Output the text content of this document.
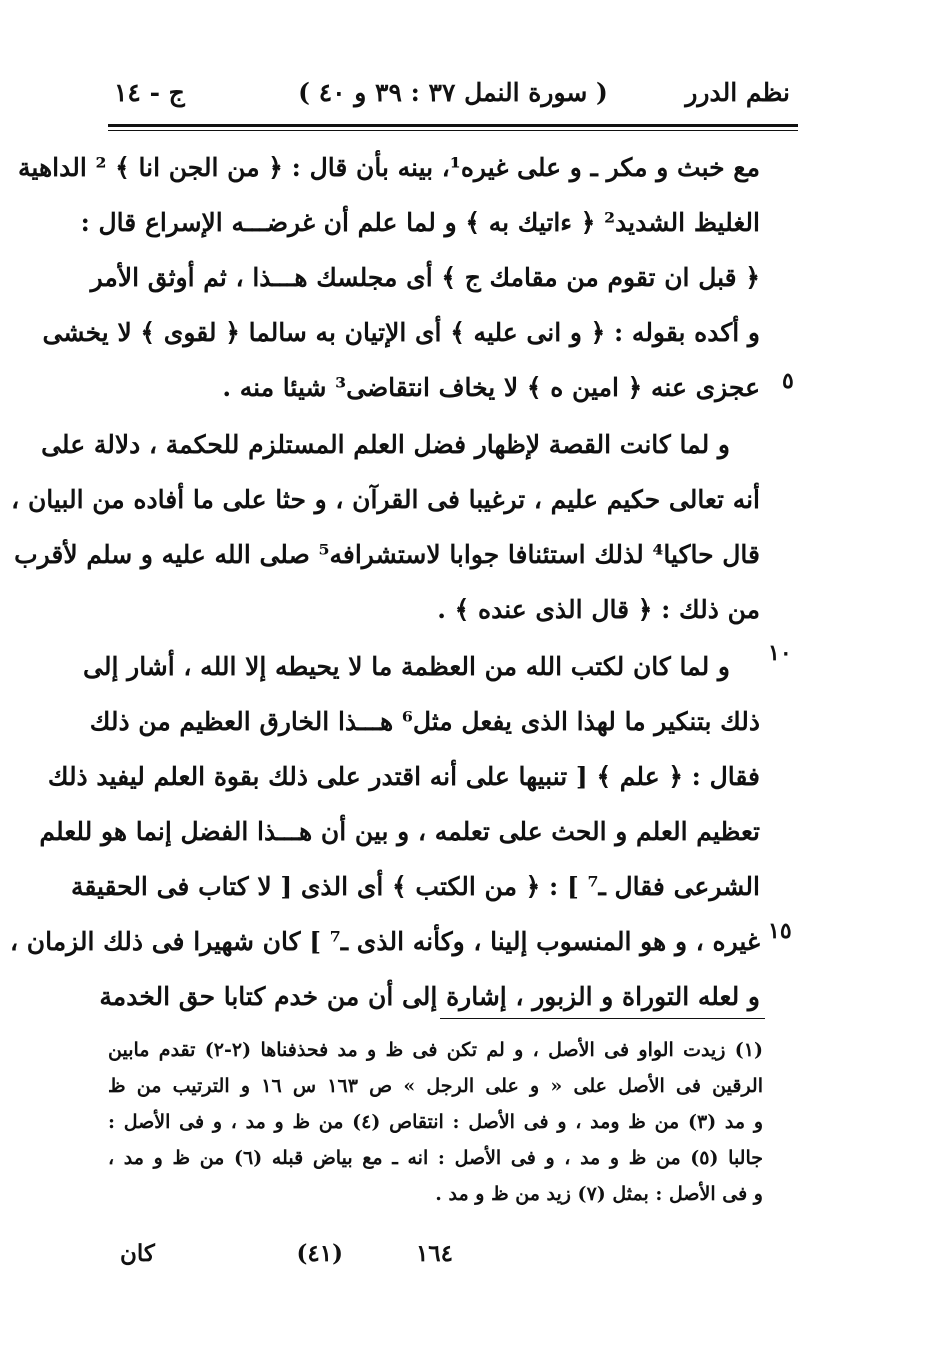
نظم الدرر
( سورة النمل ٣٧ : ٣٩ و ٤٠ )
ج - ١٤
مع خبث و مكر ـ و على غيره¹، بينه بأن قال : ﴿ من الجن انا ﴾ ² الداهية
الغليظ الشديد² ﴿ ءاتيك به ﴾ و لما علم أن غرضـــه الإسراع قال :
﴿ قبل ان تقوم من مقامك ج ﴾ أى مجلسك هـــذا ، ثم أوثق الأمر
و أكده بقوله : ﴿ و انى عليه ﴾ أى الإتيان به سالما ﴿ لقوى ﴾ لا يخشى
عجزى عنه ﴿ امين ه ﴾ لا يخاف انتقاضى³ شيئا منه .
و لما كانت القصة لإظهار فضل العلم المستلزم للحكمة ، دلالة على
أنه تعالى حكيم عليم ، ترغيبا فى القرآن ، و حثا على ما أفاده من البيان ،
قال حاكيا⁴ لذلك استئنافا جوابا لاستشرافه⁵ صلى الله عليه و سلم لأقرب
من ذلك : ﴿ قال الذى عنده ﴾ .
و لما كان لكتب الله من العظمة ما لا يحيطه إلا الله ، أشار إلى
ذلك بتنكير ما لهذا الذى يفعل مثل⁶ هـــذا الخارق العظيم من ذلك
فقال : ﴿ علم ﴾ [ تنبيها على أنه اقتدر على ذلك بقوة العلم ليفيد ذلك
تعظيم العلم و الحث على تعلمه ، و بين أن هـــذا الفضل إنما هو للعلم
الشرعى فقال ـ⁷ ] : ﴿ من الكتب ﴾ أى الذى [ لا كتاب فى الحقيقة
غيره ، و هو المنسوب إلينا ، وكأنه الذى ـ⁷ ] كان شهيرا فى ذلك الزمان ،
و لعله التوراة و الزبور ، إشارة إلى أن من خدم كتابا حق الخدمة
٥
١٠
١٥
(١) زيدت الواو فى الأصل ، و لم تكن فى ظ و مد فحذفناها (٢-٢) تقدم مابين
الرقين فى الأصل على « و على الرجل » ص ١٦٣ س ١٦ و الترتيب من ظ
و مد (٣) من ظ ومد ، و فى الأصل : انتقاص (٤) من ظ و مد ، و فى الأصل :
جالبا (٥) من ظ و مد ، و فى الأصل : انه ـ مع بياض قبله (٦) من ظ و مد ،
و فى الأصل : بمثل (٧) زيد من ظ و مد .
١٦٤
(٤١)
كان
